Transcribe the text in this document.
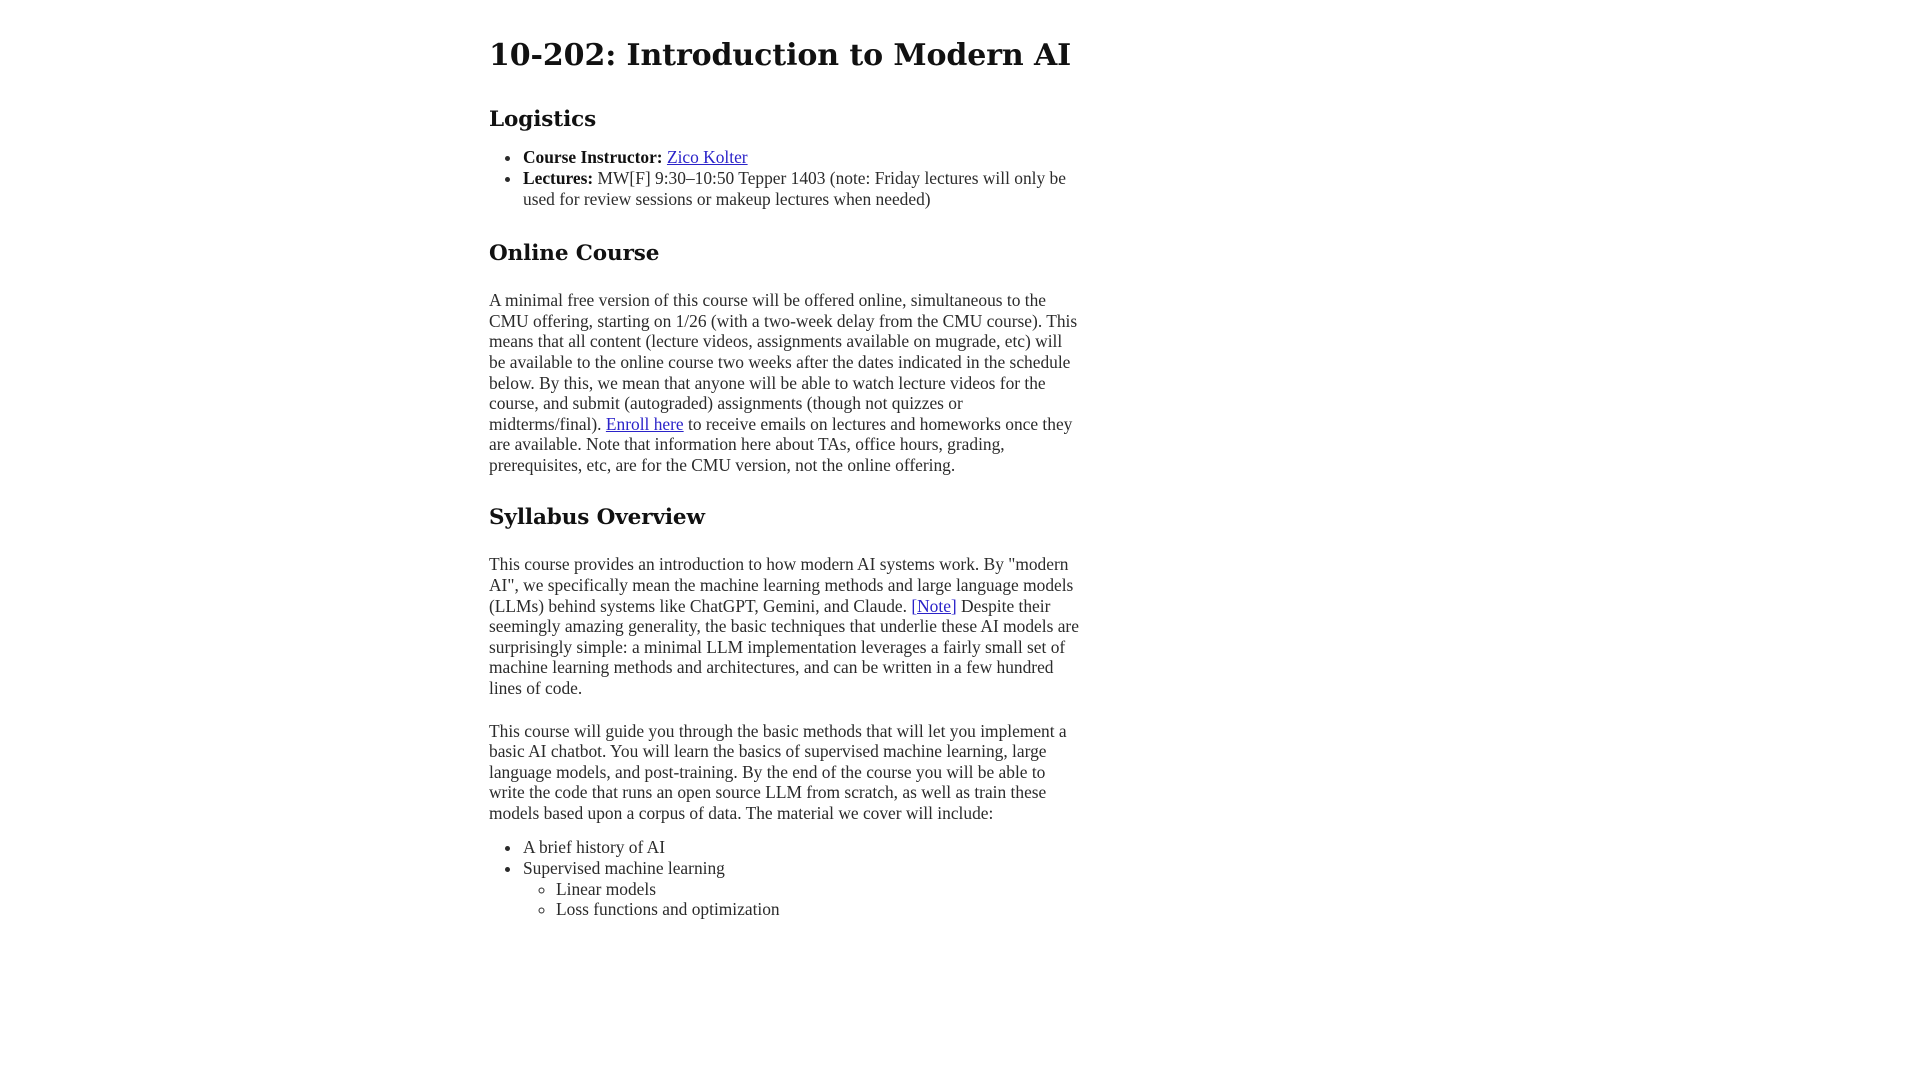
10-202: Introduction to Modern AI
Logistics
• Course Instructor: Zico Kolter
• Lectures: MW[F] 9:30–10:50 Tepper 1403 (note: Friday lectures will only be used for review sessions or makeup lectures when needed)
Online Course

A minimal free version of this course will be offered online, simultaneous to the CMU offering, starting on 1/26 (with a two-week delay from the CMU course). This means that all content (lecture videos, assignments available on mugrade, etc) will be available to the online course two weeks after the dates indicated in the schedule below. By this, we mean that anyone will be able to watch lecture videos for the course, and submit (autograded) assignments (though not quizzes or midterms/final). Enroll here to receive emails on lectures and homeworks once they are available. Note that information here about TAs, office hours, grading, prerequisites, etc, are for the CMU version, not the online offering.

Syllabus Overview

This course provides an introduction to how modern AI systems work. By "modern AI", we specifically mean the machine learning methods and large language models (LLMs) behind systems like ChatGPT, Gemini, and Claude. [Note] Despite their seemingly amazing generality, the basic techniques that underlie these AI models are surprisingly simple: a minimal LLM implementation leverages a fairly small set of machine learning methods and architectures, and can be written in a few hundred lines of code.

This course will guide you through the basic methods that will let you implement a basic AI chatbot. You will learn the basics of supervised machine learning, large language models, and post-training. By the end of the course you will be able to write the code that runs an open source LLM from scratch, as well as train these models based upon a corpus of data. The material we cover will include:

• A brief history of AI
• Supervised machine learning
◦ Linear models
◦ Loss functions and optimization
